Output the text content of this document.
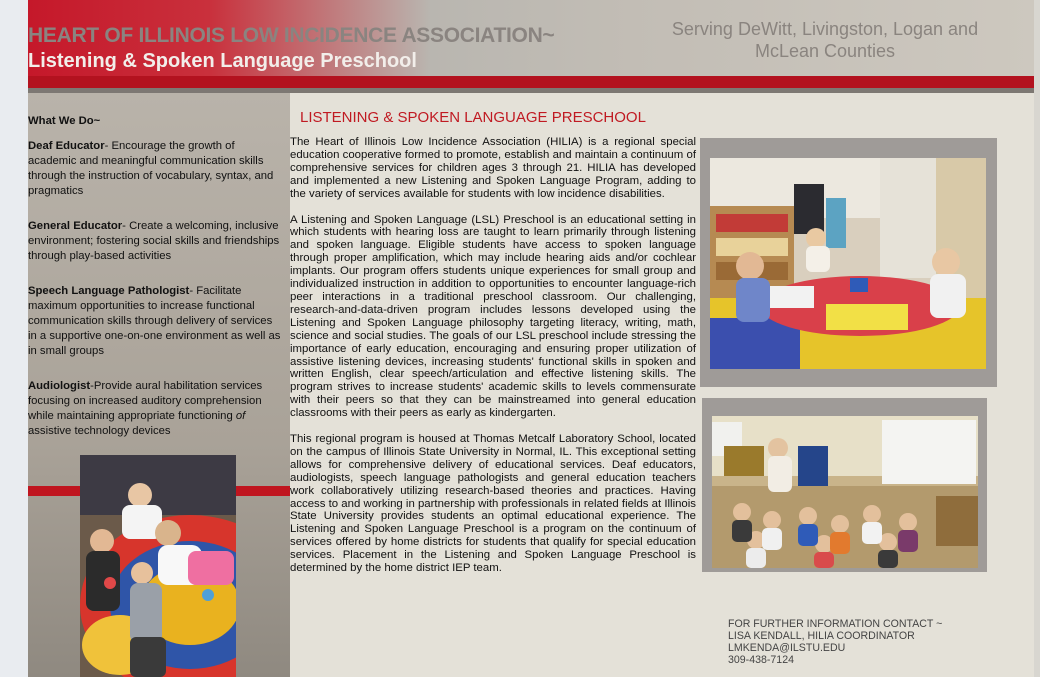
HEART OF ILLINOIS LOW INCIDENCE ASSOCIATION~
Listening & Spoken Language Preschool
Serving DeWitt, Livingston, Logan and
McLean Counties
What We Do~
Deaf Educator- Encourage the growth of academic and meaningful communication skills through the instruction of vocabulary, syntax, and pragmatics
General Educator- Create a welcoming, inclusive environment; fostering social skills and friendships through play-based activities
Speech Language Pathologist- Facilitate maximum opportunities to increase functional communication skills through delivery of services in a supportive one-on-one environment as well as in small groups
Audiologist-Provide aural habilitation services focusing on increased auditory comprehension while maintaining appropriate functioning of assistive technology devices
LISTENING & SPOKEN LANGUAGE PRESCHOOL

The Heart of Illinois Low Incidence Association (HILIA) is a regional special education cooperative formed to promote, establish and maintain a continuum of comprehensive services for children ages 3 through 21. HILIA has developed and implemented a new Listening and Spoken Language Program, adding to the variety of services available for students with low incidence disabilities.

A Listening and Spoken Language (LSL) Preschool is an educational setting in which students with hearing loss are taught to learn primarily through listening and spoken language. Eligible students have access to spoken language through proper amplification, which may include hearing aids and/or cochlear implants. Our program offers students unique experiences for small group and individualized instruction in addition to opportunities to encounter language-rich peer interactions in a traditional preschool classroom. Our challenging, research-and-data-driven program includes lessons developed using the Listening and Spoken Language philosophy targeting literacy, writing, math, science and social studies. The goals of our LSL preschool include stressing the importance of early education, encouraging and ensuring proper utilization of assistive listening devices, increasing students' functional skills in spoken and written English, clear speech/articulation and effective listening skills. The program strives to increase students' academic skills to levels commensurate with their peers so that they can be mainstreamed into general education classrooms with their peers as early as kindergarten.

This regional program is housed at Thomas Metcalf Laboratory School, located on the campus of Illinois State University in Normal, IL. This exceptional setting allows for comprehensive delivery of educational services. Deaf educators, audiologists, speech language pathologists and general education teachers work collaboratively utilizing research-based theories and practices. Having access to and working in partnership with professionals in related fields at Illinois State University provides students an optimal educational experience. The Listening and Spoken Language Preschool is a program on the continuum of services offered by home districts for students that qualify for special education services. Placement in the Listening and Spoken Language Preschool is determined by the home district IEP team.

FOR FURTHER INFORMATION CONTACT ~
LISA KENDALL, HILIA COORDINATOR
LMKENDA@ILSTU.EDU
309-438-7124
